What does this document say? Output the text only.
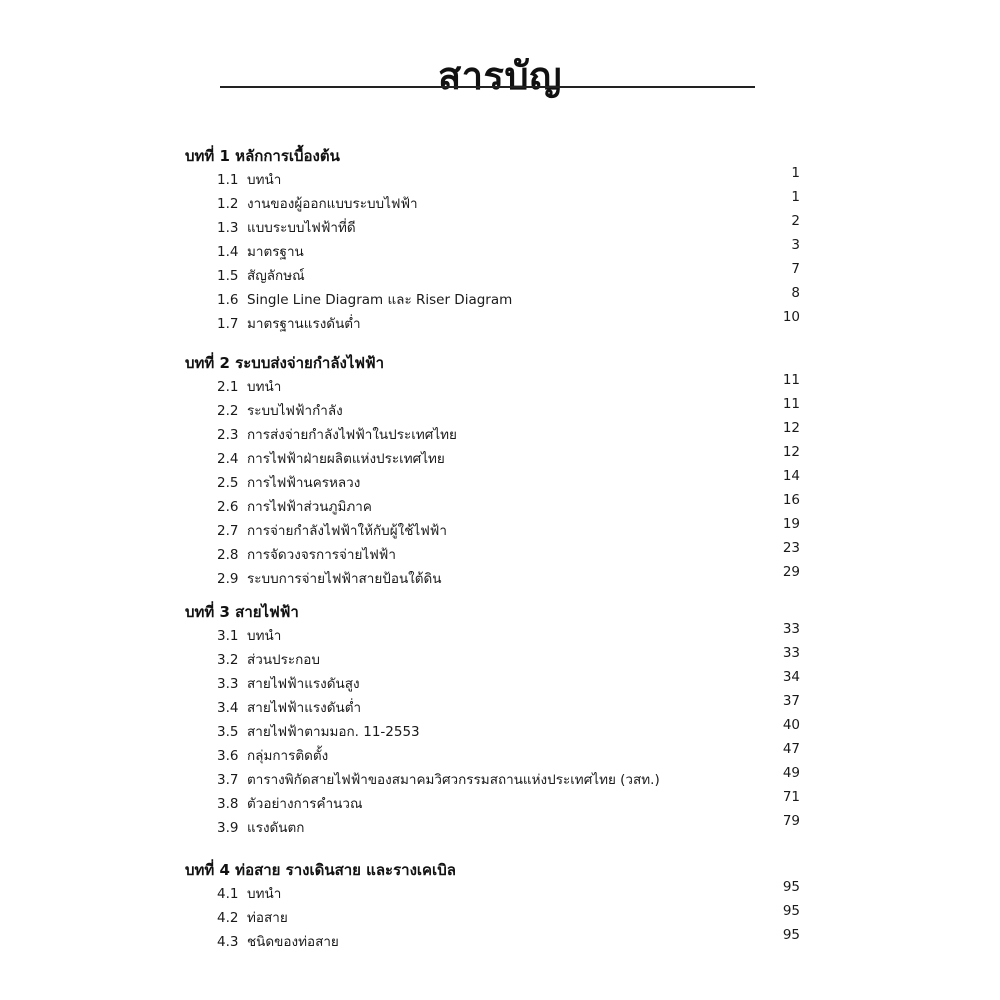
สารบัญ
บทที่ 1 หลักการเบื้องต้น
1.1 บทนำ	1
1.2 งานของผู้ออกแบบระบบไฟฟ้า	1
1.3 แบบระบบไฟฟ้าที่ดี	2
1.4 มาตรฐาน	3
1.5 สัญลักษณ์	7
1.6 Single Line Diagram และ Riser Diagram	8
1.7 มาตรฐานแรงดันต่ำ	10
บทที่ 2 ระบบส่งจ่ายกำลังไฟฟ้า
2.1 บทนำ	11
2.2 ระบบไฟฟ้ากำลัง	11
2.3 การส่งจ่ายกำลังไฟฟ้าในประเทศไทย	12
2.4 การไฟฟ้าฝ่ายผลิตแห่งประเทศไทย	12
2.5 การไฟฟ้านครหลวง	14
2.6 การไฟฟ้าส่วนภูมิภาค	16
2.7 การจ่ายกำลังไฟฟ้าให้กับผู้ใช้ไฟฟ้า	19
2.8 การจัดวงจรการจ่ายไฟฟ้า	23
2.9 ระบบการจ่ายไฟฟ้าสายป้อนใต้ดิน	29
บทที่ 3 สายไฟฟ้า
3.1 บทนำ	33
3.2 ส่วนประกอบ	33
3.3 สายไฟฟ้าแรงดันสูง	34
3.4 สายไฟฟ้าแรงดันต่ำ	37
3.5 สายไฟฟ้าตามมอก. 11-2553	40
3.6 กลุ่มการติดตั้ง	47
3.7 ตารางพิกัดสายไฟฟ้าของสมาคมวิศวกรรมสถานแห่งประเทศไทย (วสท.)	49
3.8 ตัวอย่างการคำนวณ	71
3.9 แรงดันตก	79
บทที่ 4 ท่อสาย รางเดินสาย และรางเคเบิล
4.1 บทนำ	95
4.2 ท่อสาย	95
4.3 ชนิดของท่อสาย	95
